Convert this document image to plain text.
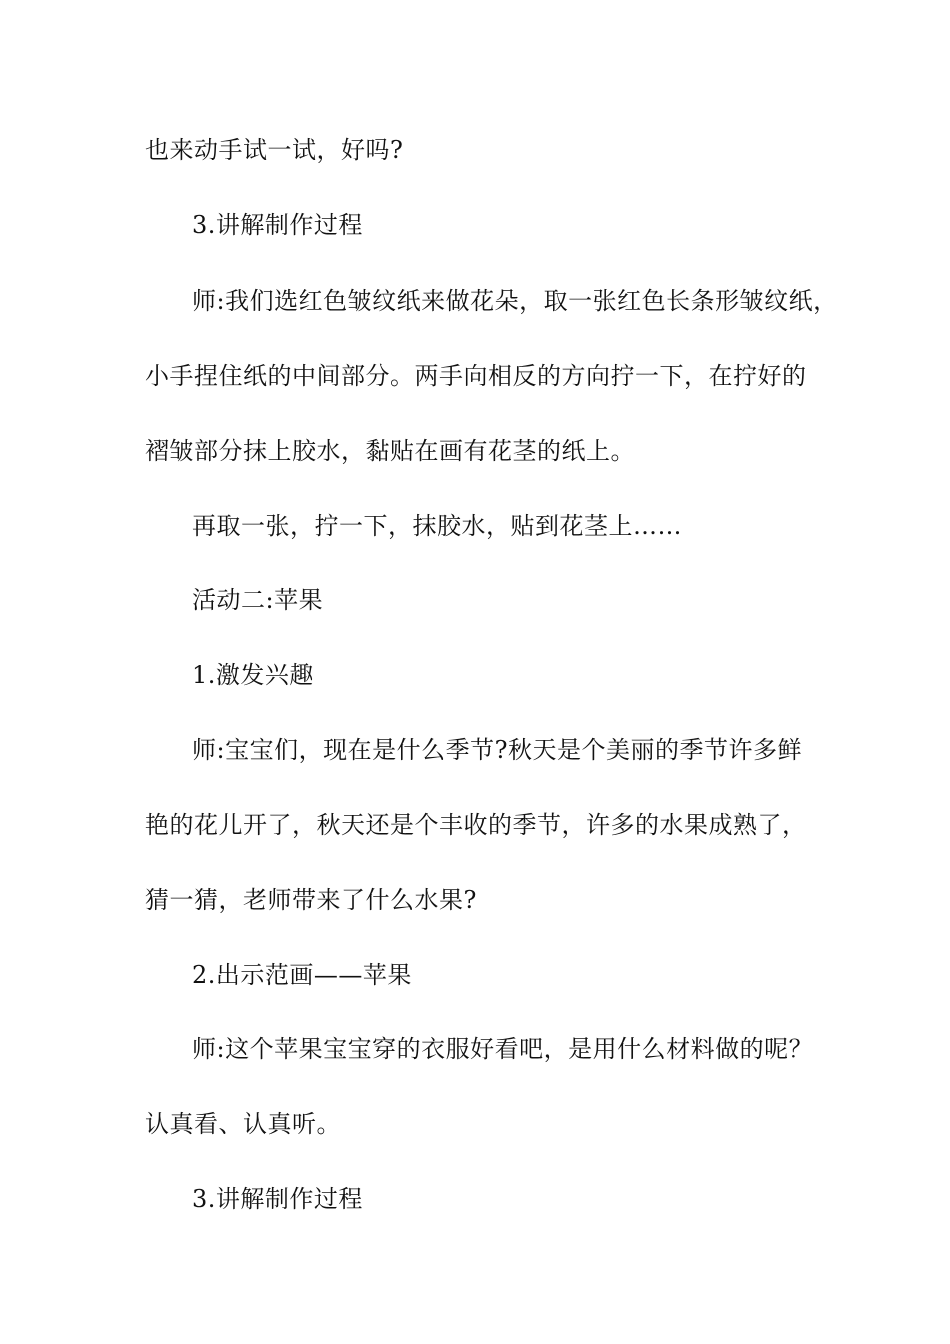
也来动手试一试，好吗?
3.讲解制作过程
师:我们选红色皱纹纸来做花朵，取一张红色长条形皱纹纸，
小手捏住纸的中间部分。两手向相反的方向拧一下，在拧好的
褶皱部分抹上胶水，黏贴在画有花茎的纸上。
再取一张，拧一下，抹胶水，贴到花茎上……
活动二:苹果
1.激发兴趣
师:宝宝们，现在是什么季节?秋天是个美丽的季节许多鲜
艳的花儿开了，秋天还是个丰收的季节，许多的水果成熟了，
猜一猜，老师带来了什么水果?
2.出示范画——苹果
师:这个苹果宝宝穿的衣服好看吧，是用什么材料做的呢？
认真看、认真听。
3.讲解制作过程
